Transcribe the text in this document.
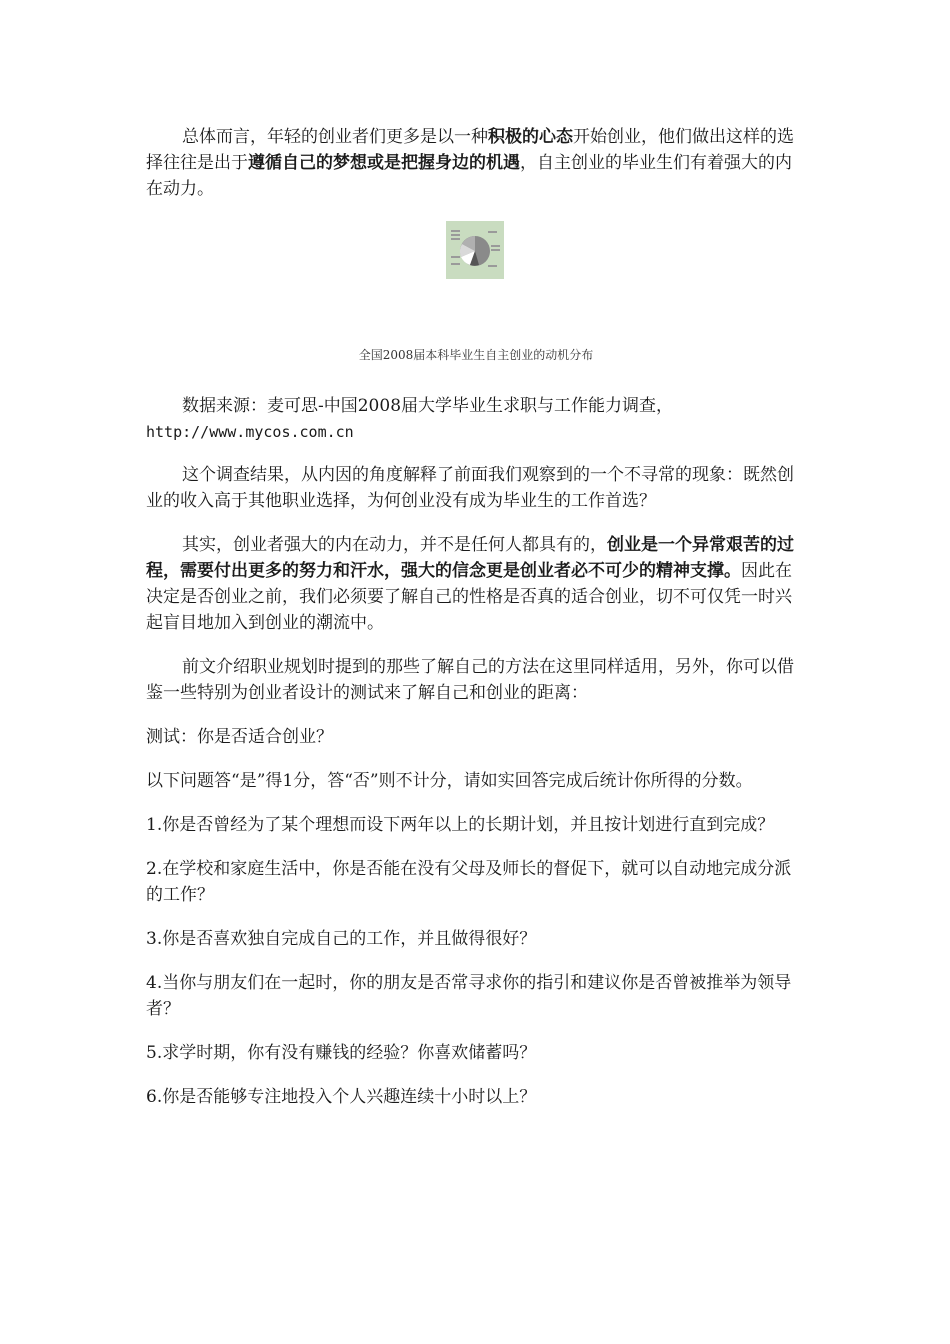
总体而言，年轻的创业者们更多是以一种积极的心态开始创业，他们做出这样的选择往往是出于遵循自己的梦想或是把握身边的机遇，自主创业的毕业生们有着强大的内在动力。

全国2008届本科毕业生自主创业的动机分布

数据来源：麦可思-中国2008届大学毕业生求职与工作能力调查，
http://www.mycos.com.cn

这个调查结果，从内因的角度解释了前面我们观察到的一个不寻常的现象：既然创业的收入高于其他职业选择，为何创业没有成为毕业生的工作首选？

其实，创业者强大的内在动力，并不是任何人都具有的，创业是一个异常艰苦的过程，需要付出更多的努力和汗水，强大的信念更是创业者必不可少的精神支撑。因此在决定是否创业之前，我们必须要了解自己的性格是否真的适合创业，切不可仅凭一时兴起盲目地加入到创业的潮流中。

前文介绍职业规划时提到的那些了解自己的方法在这里同样适用，另外，你可以借鉴一些特别为创业者设计的测试来了解自己和创业的距离：

测试：你是否适合创业？

以下问题答“是”得1分，答“否”则不计分，请如实回答完成后统计你所得的分数。

1.你是否曾经为了某个理想而设下两年以上的长期计划，并且按计划进行直到完成？

2.在学校和家庭生活中，你是否能在没有父母及师长的督促下，就可以自动地完成分派的工作？

3.你是否喜欢独自完成自己的工作，并且做得很好？

4.当你与朋友们在一起时，你的朋友是否常寻求你的指引和建议你是否曾被推举为领导者？

5.求学时期，你有没有赚钱的经验？你喜欢储蓄吗？

6.你是否能够专注地投入个人兴趣连续十小时以上？
